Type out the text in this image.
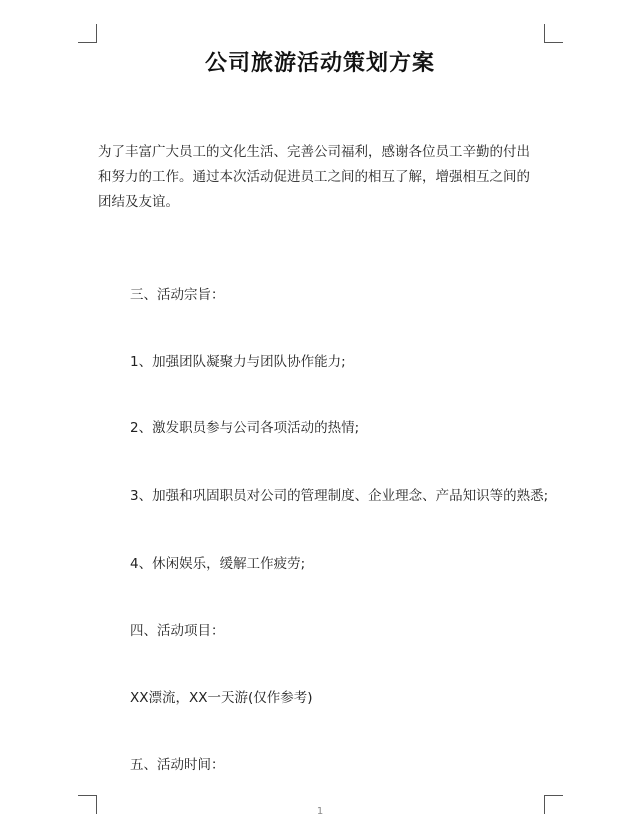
公司旅游活动策划方案
为了丰富广大员工的文化生活、完善公司福利，感谢各位员工辛勤的付出和努力的工作。通过本次活动促进员工之间的相互了解，增强相互之间的团结及友谊。
三、活动宗旨：
1、加强团队凝聚力与团队协作能力;
2、激发职员参与公司各项活动的热情;
3、加强和巩固职员对公司的管理制度、企业理念、产品知识等的熟悉;
4、休闲娱乐，缓解工作疲劳;
四、活动项目：
XX漂流，XX一天游(仅作参考)
五、活动时间：
1
